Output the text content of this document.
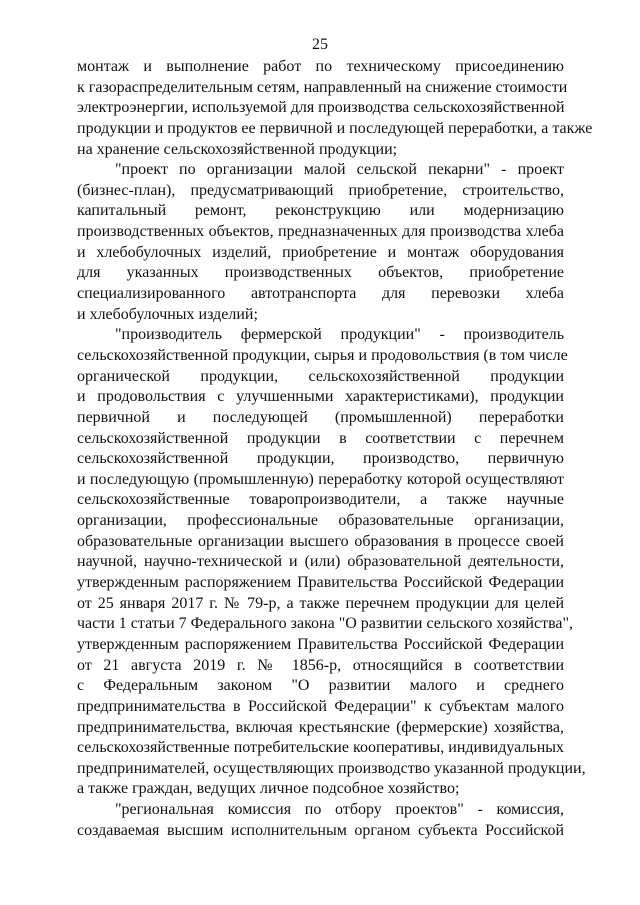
25
монтаж и выполнение работ по техническому присоединению
к газораспределительным сетям, направленный на снижение стоимости
электроэнергии, используемой для производства сельскохозяйственной
продукции и продуктов ее первичной и последующей переработки, а также
на хранение сельскохозяйственной продукции;
"проект по организации малой сельской пекарни" - проект
(бизнес-план), предусматривающий приобретение, строительство,
капитальный ремонт, реконструкцию или модернизацию
производственных объектов, предназначенных для производства хлеба
и хлебобулочных изделий, приобретение и монтаж оборудования
для указанных производственных объектов, приобретение
специализированного автотранспорта для перевозки хлеба
и хлебобулочных изделий;
"производитель фермерской продукции" - производитель
сельскохозяйственной продукции, сырья и продовольствия (в том числе
органической продукции, сельскохозяйственной продукции
и продовольствия с улучшенными характеристиками), продукции
первичной и последующей (промышленной) переработки
сельскохозяйственной продукции в соответствии с перечнем
сельскохозяйственной продукции, производство, первичную
и последующую (промышленную) переработку которой осуществляют
сельскохозяйственные товаропроизводители, а также научные
организации, профессиональные образовательные организации,
образовательные организации высшего образования в процессе своей
научной, научно-технической и (или) образовательной деятельности,
утвержденным распоряжением Правительства Российской Федерации
от 25 января 2017 г. № 79-р, а также перечнем продукции для целей
части 1 статьи 7 Федерального закона "О развитии сельского хозяйства",
утвержденным распоряжением Правительства Российской Федерации
от 21 августа 2019 г. № 1856-р, относящийся в соответствии
с Федеральным законом "О развитии малого и среднего
предпринимательства в Российской Федерации" к субъектам малого
предпринимательства, включая крестьянские (фермерские) хозяйства,
сельскохозяйственные потребительские кооперативы, индивидуальных
предпринимателей, осуществляющих производство указанной продукции,
а также граждан, ведущих личное подсобное хозяйство;
"региональная комиссия по отбору проектов" - комиссия,
создаваемая высшим исполнительным органом субъекта Российской
